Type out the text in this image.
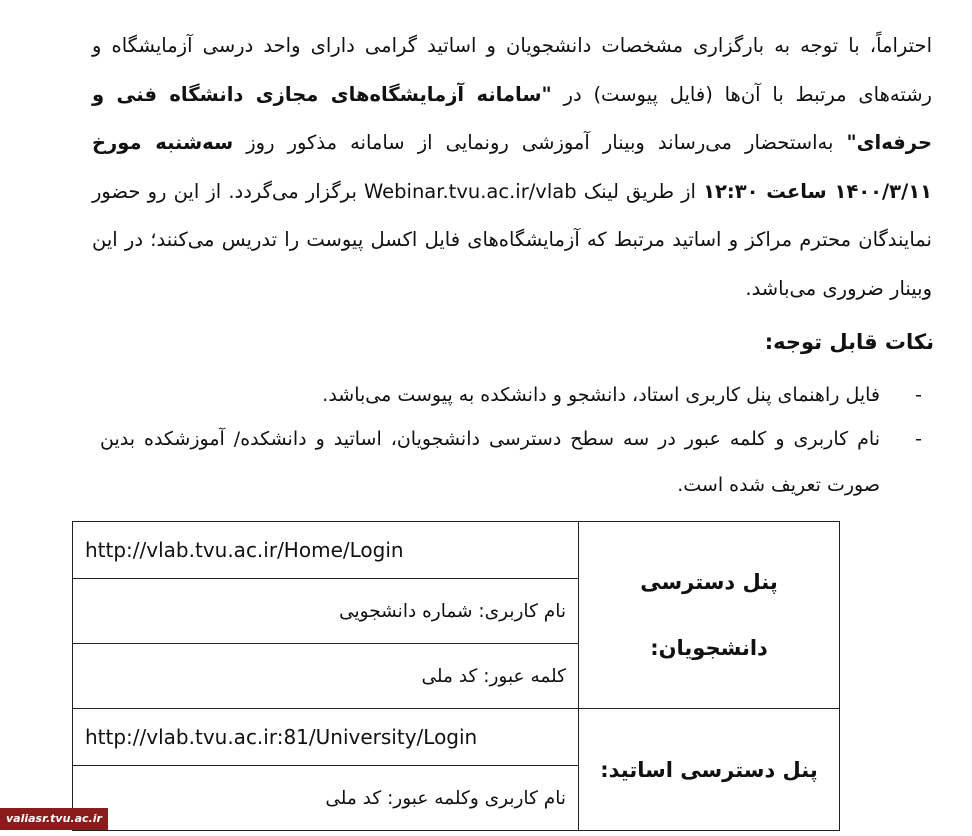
احتراماً، با توجه به بارگزاری مشخصات دانشجویان و اساتید گرامی دارای واحد درسی آزمایشگاه و رشته‌های مرتبط با آن‌ها (فایل پیوست) در "سامانه آزمایشگاه‌های مجازی دانشگاه فنی و حرفه‌ای" به‌استحضار می‌رساند وبینار آموزشی رونمایی از سامانه مذکور روز سه‌شنبه مورخ ۱۴۰۰/۳/۱۱ ساعت ۱۲:۳۰ از طریق لینک Webinar.tvu.ac.ir/vlab برگزار می‌گردد. از این رو حضور نمایندگان محترم مراکز و اساتید مرتبط که آزمایشگاه‌های فایل اکسل پیوست را تدریس می‌کنند؛ در این وبینار ضروری می‌باشد.

نکات قابل توجه:

-
فایل راهنمای پنل کاربری استاد، دانشجو و دانشکده به پیوست می‌باشد.

-
نام کاربری و کلمه عبور در سه سطح دسترسی دانشجویان، اساتید و دانشکده/ آموزشکده بدین صورت تعریف شده است.

http://vlab.tvu.ac.ir/Home/Login	پنل دسترسی دانشجویان:
نام کاربری: شماره دانشجویی	
کلمه عبور: کد ملی	
http://vlab.tvu.ac.ir:81/University/Login	پنل دسترسی اساتید:
نام کاربری وکلمه عبور: کد ملی	
valiasr.tvu.ac.ir
